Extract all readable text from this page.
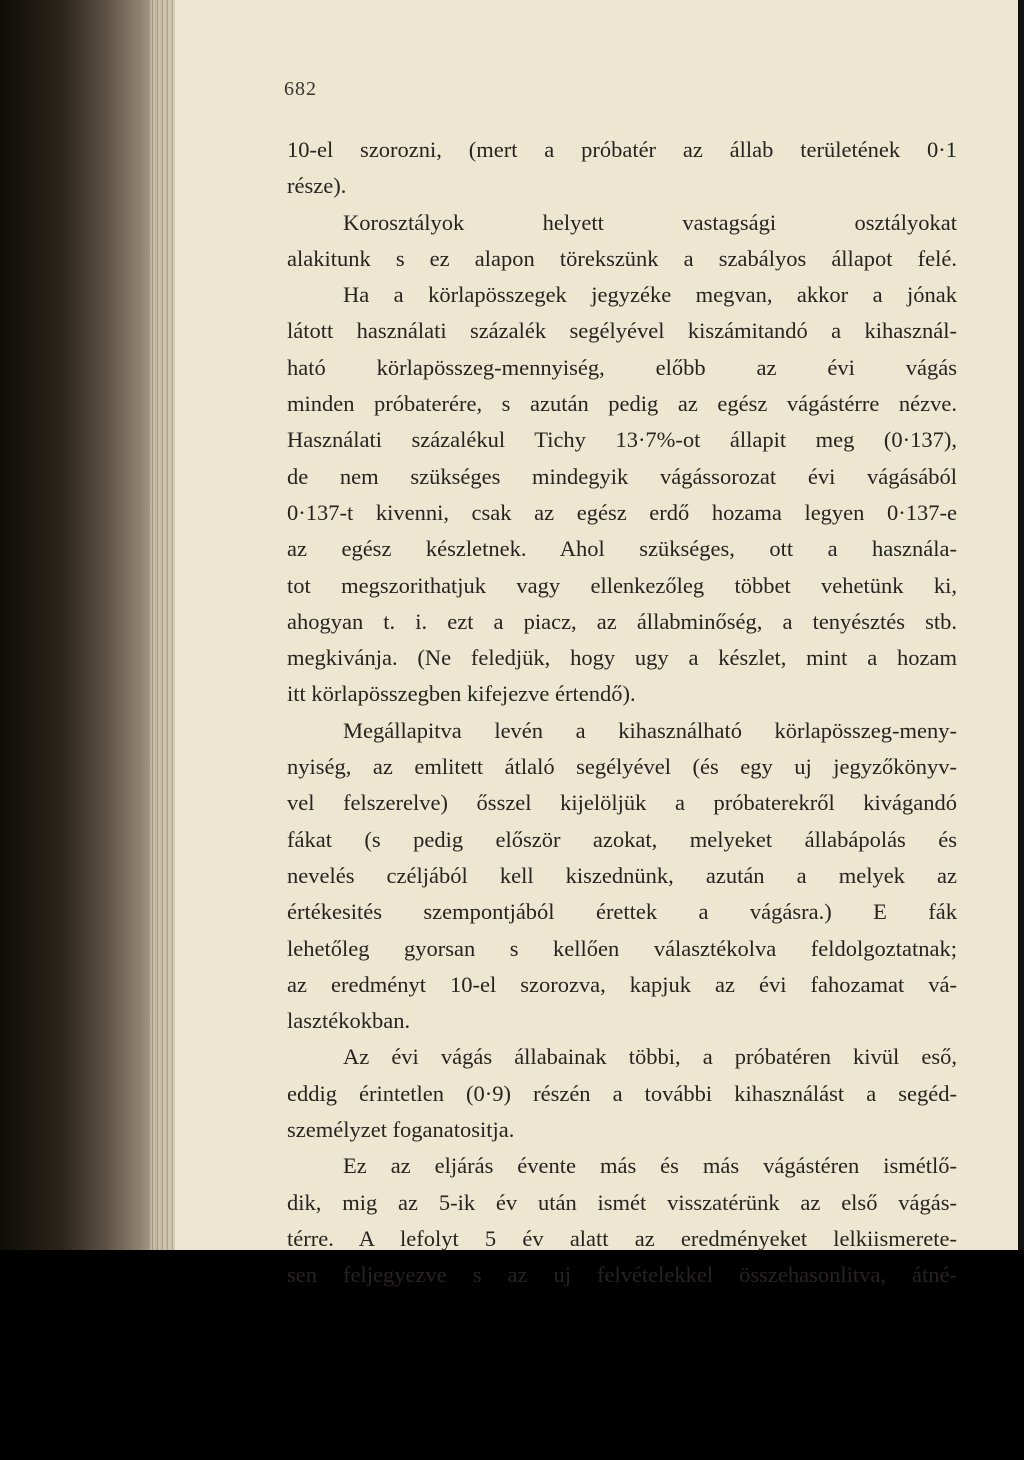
682
10-el szorozni, (mert a próbatér az állab területének 0·1
része).
Korosztályok helyett vastagsági osztályokat
alakitunk s ez alapon törekszünk a szabályos állapot felé.
Ha a körlapösszegek jegyzéke megvan, akkor a jónak
látott használati százalék segélyével kiszámitandó a kihasznál-
ható körlapösszeg-mennyiség, előbb az évi vágás
minden próbaterére, s azután pedig az egész vágástérre nézve.
Használati százalékul Tichy 13·7%-ot állapit meg (0·137),
de nem szükséges mindegyik vágássorozat évi vágásából
0·137-t kivenni, csak az egész erdő hozama legyen 0·137-e
az egész készletnek. Ahol szükséges, ott a használa-
tot megszorithatjuk vagy ellenkezőleg többet vehetünk ki,
ahogyan t. i. ezt a piacz, az állabminőség, a tenyésztés stb.
megkivánja. (Ne feledjük, hogy ugy a készlet, mint a hozam
itt körlapösszegben kifejezve értendő).
Megállapitva levén a kihasználható körlapösszeg-meny-
nyiség, az emlitett átlaló segélyével (és egy uj jegyzőkönyv-
vel felszerelve) ősszel kijelöljük a próbaterekről kivágandó
fákat (s pedig először azokat, melyeket állabápolás és
nevelés czéljából kell kiszednünk, azután a melyek az
értékesités szempontjából érettek a vágásra.) E fák
lehetőleg gyorsan s kellően választékolva feldolgoztatnak;
az eredményt 10-el szorozva, kapjuk az évi fahozamat vá-
lasztékokban.
Az évi vágás állabainak többi, a próbatéren kivül eső,
eddig érintetlen (0·9) részén a további kihasználást a segéd-
személyzet foganatositja.
Ez az eljárás évente más és más vágástéren ismétlő-
dik, mig az 5-ik év után ismét visszatérünk az első vágás-
térre. A lefolyt 5 év alatt az eredményeket lelkiismerete-
sen feljegyezve s az uj felvételekkel összehasonlitva, átné-
